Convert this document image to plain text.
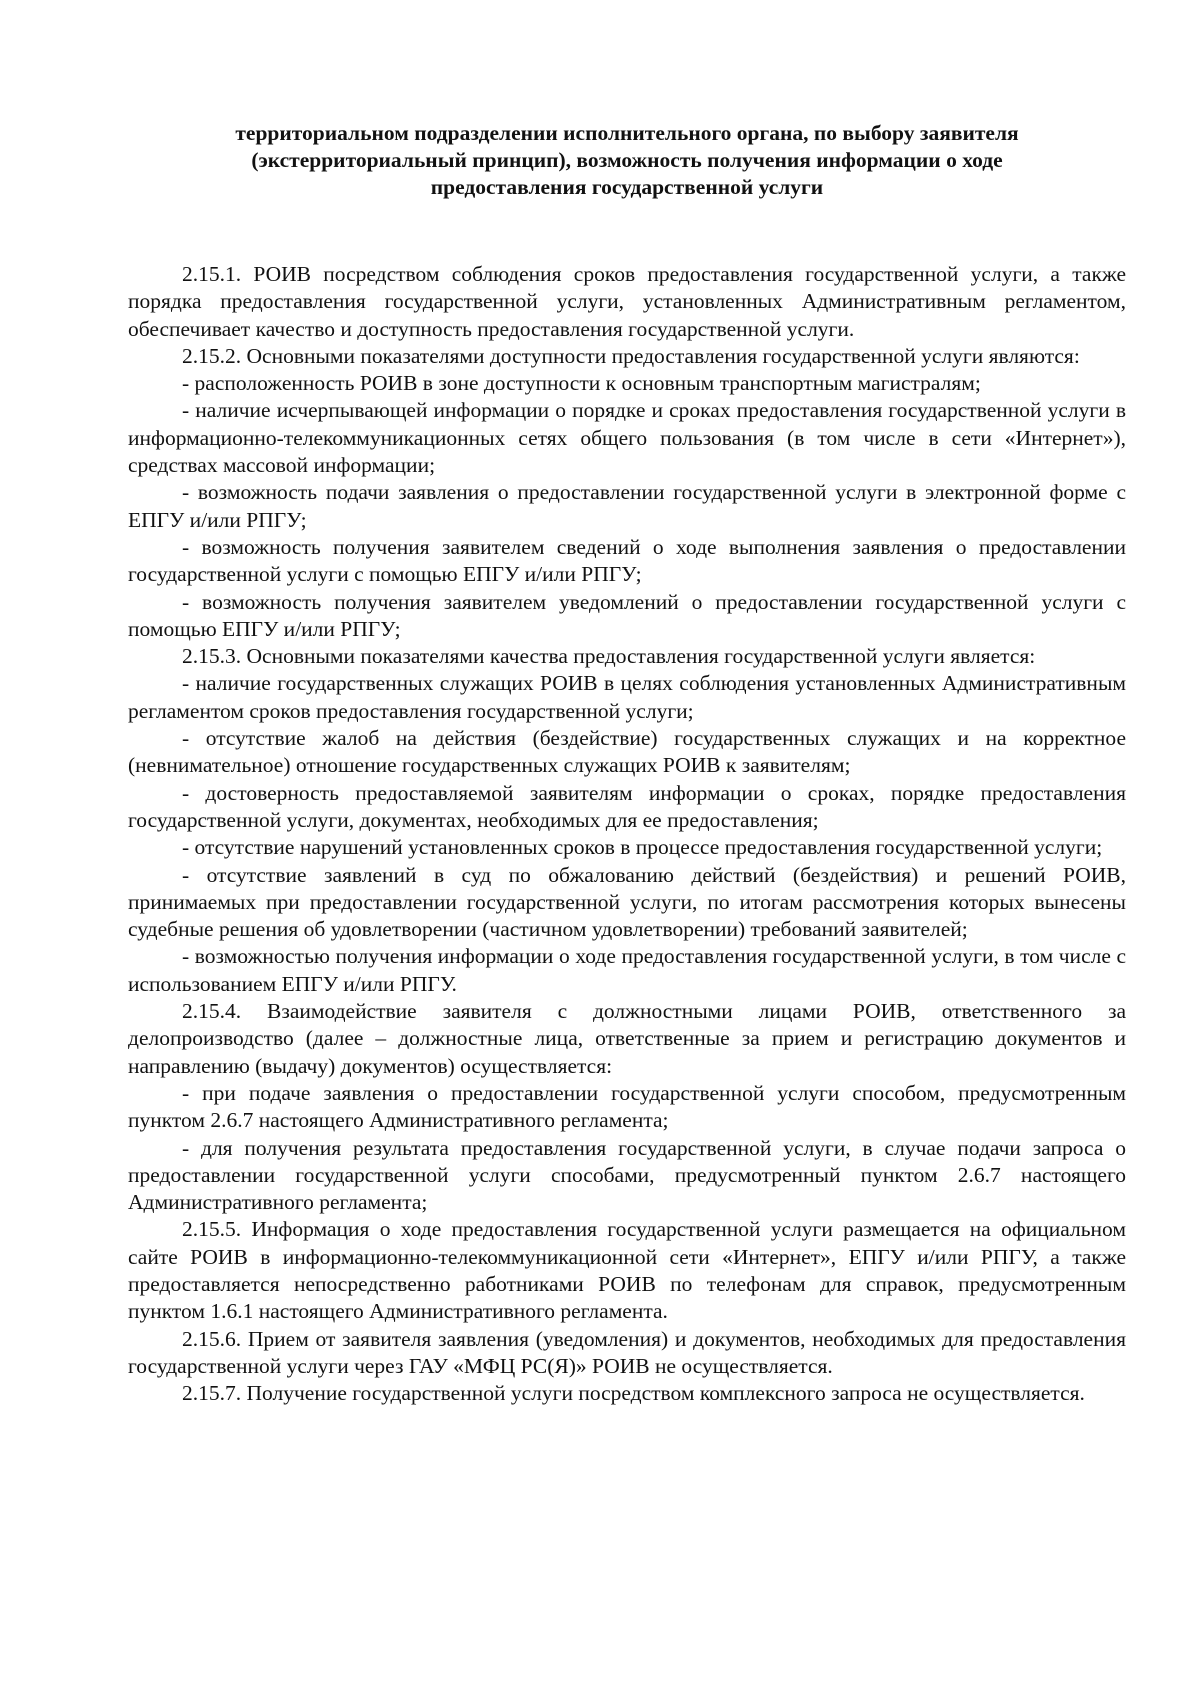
территориальном подразделении исполнительного органа, по выбору заявителя
(экстерриториальный принцип), возможность получения информации о ходе
предоставления государственной услуги

2.15.1. РОИВ посредством соблюдения сроков предоставления государственной услуги, а также порядка предоставления государственной услуги, установленных Административным регламентом, обеспечивает качество и доступность предоставления государственной услуги.

2.15.2. Основными показателями доступности предоставления государственной услуги являются:

- расположенность РОИВ в зоне доступности к основным транспортным магистралям;

- наличие исчерпывающей информации о порядке и сроках предоставления государственной услуги в информационно-телекоммуникационных сетях общего пользования (в том числе в сети «Интернет»), средствах массовой информации;

- возможность подачи заявления о предоставлении государственной услуги в электронной форме с ЕПГУ и/или РПГУ;

- возможность получения заявителем сведений о ходе выполнения заявления о предоставлении государственной услуги с помощью ЕПГУ и/или РПГУ;

- возможность получения заявителем уведомлений о предоставлении государственной услуги с помощью ЕПГУ и/или РПГУ;

2.15.3. Основными показателями качества предоставления государственной услуги является:

- наличие государственных служащих РОИВ в целях соблюдения установленных Административным регламентом сроков предоставления государственной услуги;

- отсутствие жалоб на действия (бездействие) государственных служащих и на корректное (невнимательное) отношение государственных служащих РОИВ к заявителям;

- достоверность предоставляемой заявителям информации о сроках, порядке предоставления государственной услуги, документах, необходимых для ее предоставления;

- отсутствие нарушений установленных сроков в процессе предоставления государственной услуги;

- отсутствие заявлений в суд по обжалованию действий (бездействия) и решений РОИВ, принимаемых при предоставлении государственной услуги, по итогам рассмотрения которых вынесены судебные решения об удовлетворении (частичном удовлетворении) требований заявителей;

- возможностью получения информации о ходе предоставления государственной услуги, в том числе с использованием ЕПГУ и/или РПГУ.

2.15.4. Взаимодействие заявителя с должностными лицами РОИВ, ответственного за делопроизводство (далее – должностные лица, ответственные за прием и регистрацию документов и направлению (выдачу) документов) осуществляется:

- при подаче заявления о предоставлении государственной услуги способом, предусмотренным пунктом 2.6.7 настоящего Административного регламента;

- для получения результата предоставления государственной услуги, в случае подачи запроса о предоставлении государственной услуги способами, предусмотренный пунктом 2.6.7 настоящего Административного регламента;

2.15.5. Информация о ходе предоставления государственной услуги размещается на официальном сайте РОИВ в информационно-телекоммуникационной сети «Интернет», ЕПГУ и/или РПГУ, а также предоставляется непосредственно работниками РОИВ по телефонам для справок, предусмотренным пунктом 1.6.1 настоящего Административного регламента.

2.15.6. Прием от заявителя заявления (уведомления) и документов, необходимых для предоставления государственной услуги через ГАУ «МФЦ РС(Я)» РОИВ не осуществляется.

2.15.7. Получение государственной услуги посредством комплексного запроса не осуществляется.
